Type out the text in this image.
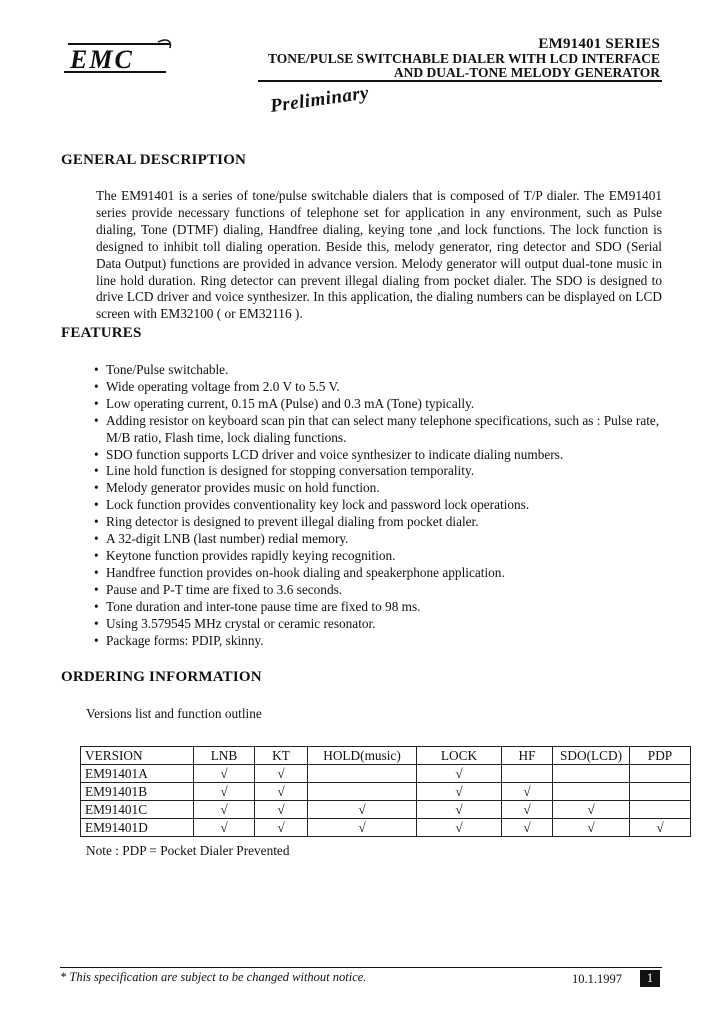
EMC
EM91401 SERIES
TONE/PULSE SWITCHABLE DIALER WITH LCD INTERFACE
AND DUAL-TONE MELODY GENERATOR
Preliminary
GENERAL DESCRIPTION
The EM91401 is a series of tone/pulse switchable dialers that is composed of T/P dialer. The EM91401 series provide necessary functions of telephone set for application in any environment, such as Pulse dialing, Tone (DTMF) dialing, Handfree dialing, keying tone ,and lock functions. The lock function is designed to inhibit toll dialing operation. Beside this, melody generator, ring detector and SDO (Serial Data Output) functions are provided in advance version. Melody generator will output dual-tone music in line hold duration. Ring detector can prevent illegal dialing from pocket dialer. The SDO is designed to drive LCD driver and voice synthesizer. In this application, the dialing numbers can be displayed on LCD screen with EM32100 ( or EM32116 ).
FEATURES
• Tone/Pulse switchable.
• Wide operating voltage from 2.0 V to 5.5 V.
• Low operating current, 0.15 mA (Pulse) and 0.3 mA (Tone) typically.
• Adding resistor on keyboard scan pin that can select many telephone specifications, such as : Pulse rate, M/B ratio, Flash time, lock dialing functions.
• SDO function supports LCD driver and voice synthesizer to indicate dialing numbers.
• Line hold function is designed for stopping conversation temporality.
• Melody generator provides music on hold function.
• Lock function provides conventionality key lock and password lock operations.
• Ring detector is designed to prevent illegal dialing from pocket dialer.
• A 32-digit LNB (last number) redial memory.
• Keytone function provides rapidly keying recognition.
• Handfree function provides on-hook dialing and speakerphone application.
• Pause and P-T time are fixed to 3.6 seconds.
• Tone duration and inter-tone pause time are fixed to 98 ms.
• Using 3.579545 MHz crystal or ceramic resonator.
• Package forms: PDIP, skinny.
ORDERING INFORMATION
Versions list and function outline
VERSION	LNB	KT	HOLD(music)	LOCK	HF	SDO(LCD)	PDP
EM91401A	√	√		√			
EM91401B	√	√		√	√		
EM91401C	√	√	√	√	√	√	
EM91401D	√	√	√	√	√	√	√
Note : PDP = Pocket Dialer Prevented
* This specification are subject to be changed without notice.	10.1.1997	1
